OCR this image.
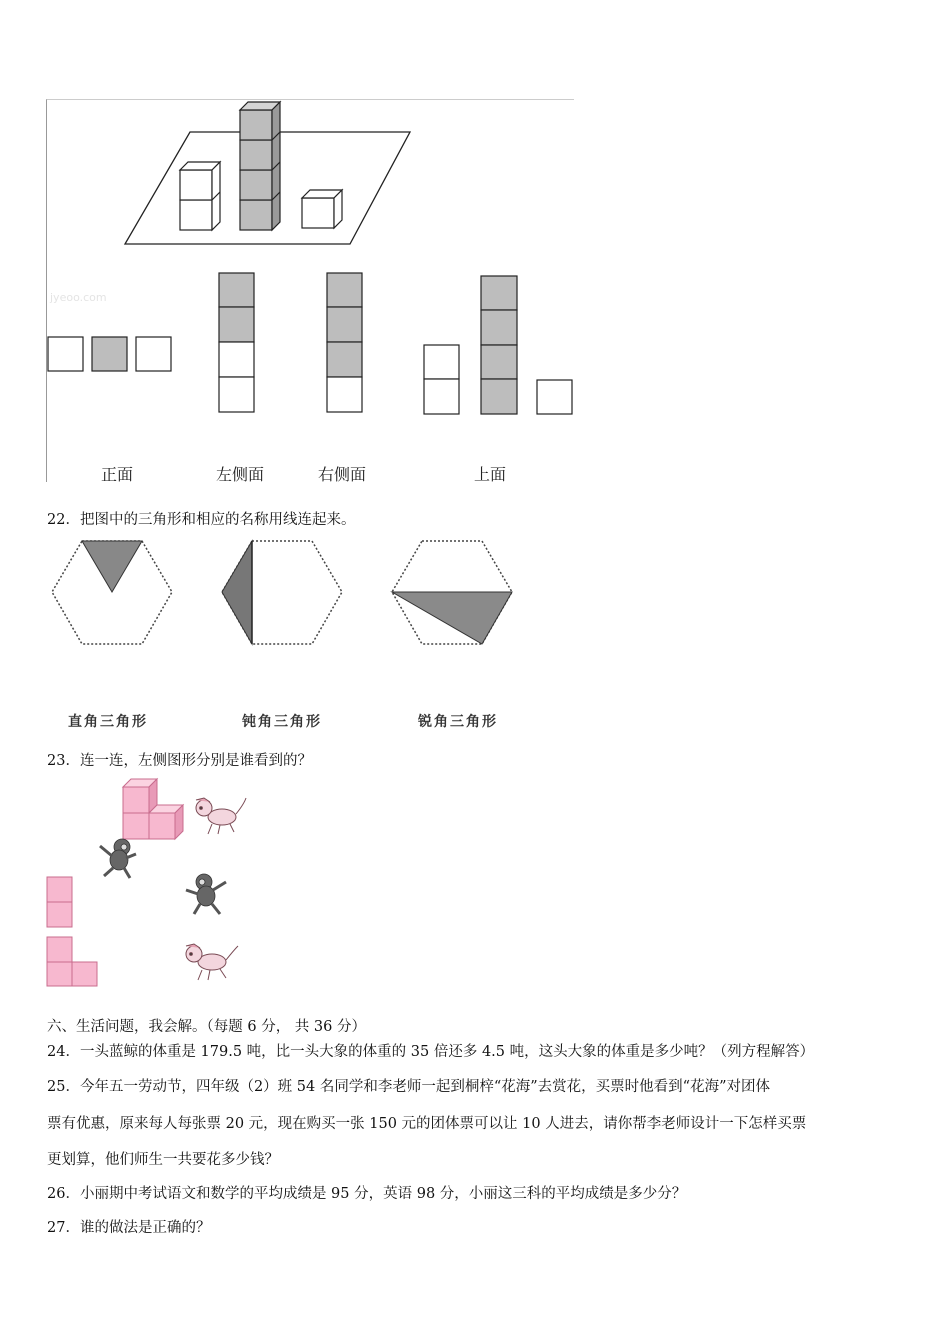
jyeoo.com
正面	左侧面	右侧面	上面
22．把图中的三角形和相应的名称用线连起来。
直角三角形	钝角三角形	锐角三角形
23．连一连，左侧图形分别是谁看到的？
六、生活问题，我会解。（每题 6 分， 共 36 分）
24．一头蓝鲸的体重是 179.5 吨，比一头大象的体重的 35 倍还多 4.5 吨，这头大象的体重是多少吨？（列方程解答）
25．今年五一劳动节，四年级（2）班 54 名同学和李老师一起到桐梓“花海”去赏花，买票时他看到“花海”对团体
票有优惠，原来每人每张票 20 元，现在购买一张 150 元的团体票可以让 10 人进去，请你帮李老师设计一下怎样买票
更划算，他们师生一共要花多少钱？
26．小丽期中考试语文和数学的平均成绩是 95 分，英语 98 分，小丽这三科的平均成绩是多少分？
27．谁的做法是正确的？
